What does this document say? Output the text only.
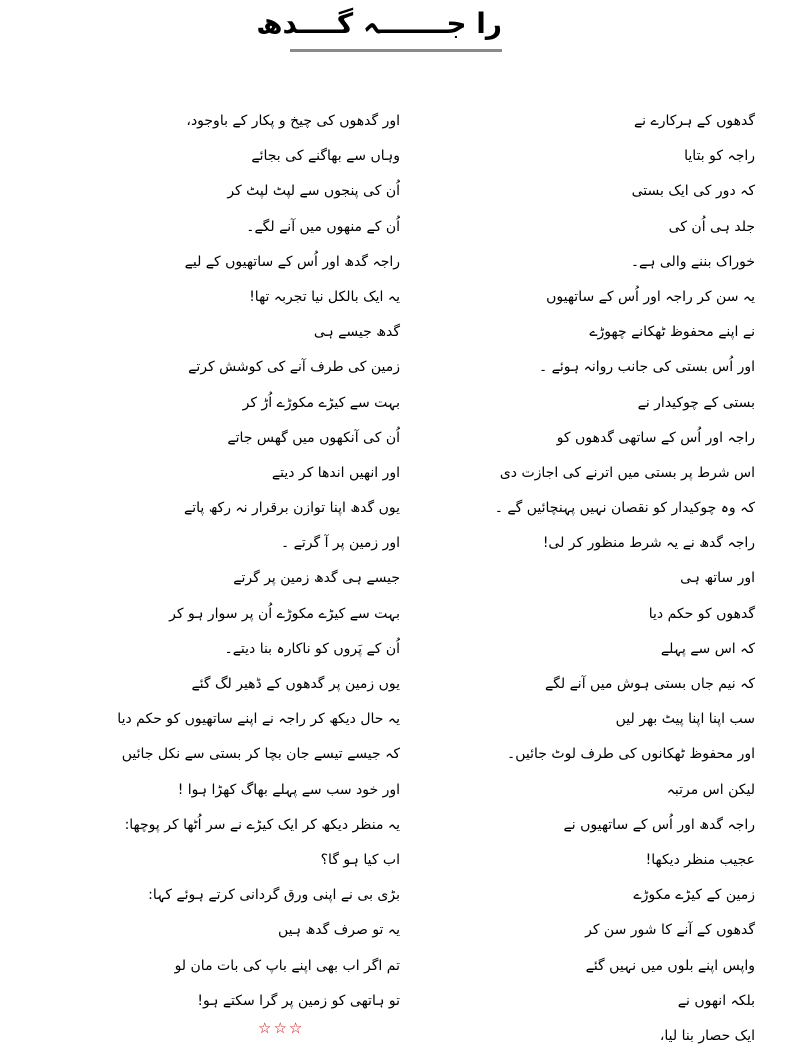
را جـــــــہ گــــدھ
گدھوں کے ہرکارے نے
راجہ کو بتایا
کہ دور کی ایک بستی
جلد ہی اُن کی
خوراک بننے والی ہے۔
یہ سن کر راجہ اور اُس کے ساتھیوں
نے اپنے محفوظ ٹھکانے چھوڑے
اور اُس بستی کی جانب روانہ ہوئے ۔
بستی کے چوکیدار نے
راجہ اور اُس کے ساتھی گدھوں کو
اس شرط پر بستی میں اترنے کی اجازت دی
کہ وہ چوکیدار کو نقصان نہیں پہنچائیں گے ۔
راجہ گدھ نے یہ شرط منظور کر لی!
اور ساتھ ہی
گدھوں کو حکم دیا
کہ اس سے پہلے
کہ نیم جاں بستی ہوش میں آنے لگے
سب اپنا اپنا پیٹ بھر لیں
اور محفوظ ٹھکانوں کی طرف لوٹ جائیں۔
لیکن اس مرتبہ
راجہ گدھ اور اُس کے ساتھیوں نے
عجیب منظر دیکھا!
زمین کے کیڑے مکوڑے
گدھوں کے آنے کا شور سن کر
واپس اپنے بلوں میں نہیں گئے
بلکہ انھوں نے
ایک حصار بنا لیا،
اور گدھوں کی چیخ و پکار کے باوجود،
وہاں سے بھاگنے کی بجائے
اُن کی پنجوں سے لپٹ لپٹ کر
اُن کے منھوں میں آنے لگے۔
راجہ گدھ اور اُس کے ساتھیوں کے لیے
یہ ایک بالکل نیا تجربہ تھا!
گدھ جیسے ہی
زمین کی طرف آنے کی کوشش کرتے
بہت سے کیڑے مکوڑے اُڑ کر
اُن کی آنکھوں میں گھس جاتے
اور انھیں اندھا کر دیتے
یوں گدھ اپنا توازن برقرار نہ رکھ پاتے
اور زمین پر آ گرتے ۔
جیسے ہی گدھ زمین پر گرتے
بہت سے کیڑے مکوڑے اُن پر سوار ہو کر
اُن کے پَروں کو ناکارہ بنا دیتے۔
یوں زمین پر گدھوں کے ڈھیر لگ گئے
یہ حال دیکھ کر راجہ نے اپنے ساتھیوں کو حکم دیا
کہ جیسے تیسے جان بچا کر بستی سے نکل جائیں
اور خود سب سے پہلے بھاگ کھڑا ہوا !
یہ منظر دیکھ کر ایک کیڑے نے سر اُٹھا کر پوچھا:
اب کیا ہو گا؟
بڑی بی نے اپنی ورق گردانی کرتے ہوئے کہا:
یہ تو صرف گدھ ہیں
تم اگر اب بھی اپنے باپ کی بات مان لو
تو ہاتھی کو زمین پر گرا سکتے ہو!
☆☆☆
